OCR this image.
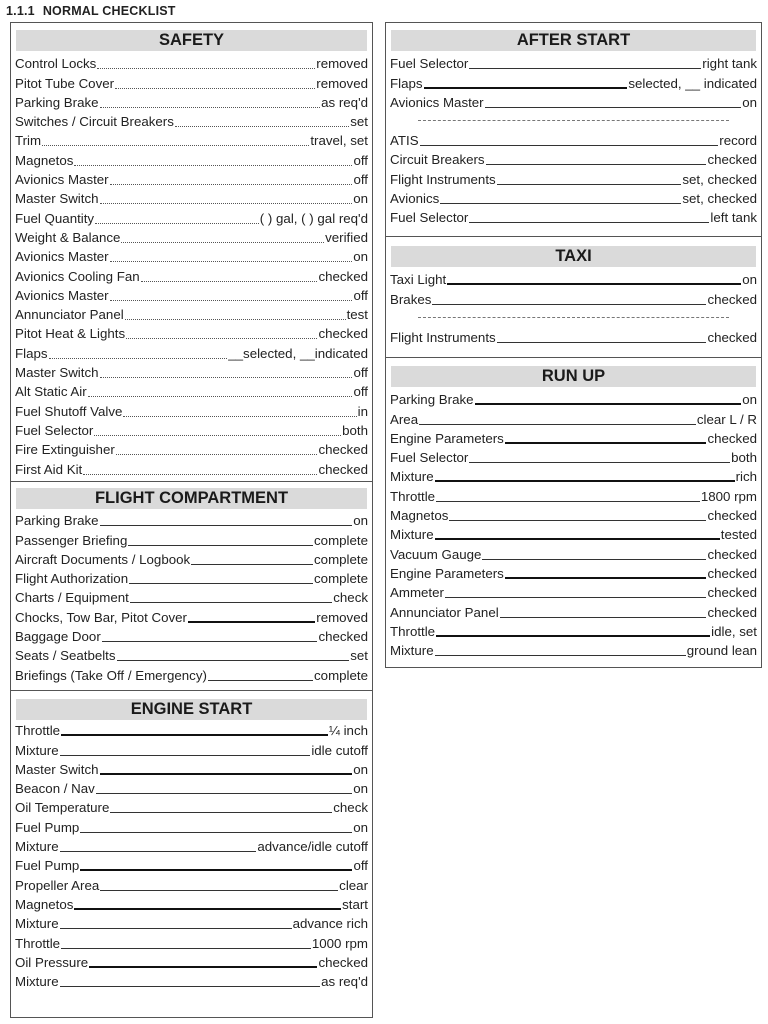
1.1.1 NORMAL CHECKLIST
SAFETY
Control Locks	removed
Pitot Tube Cover	removed
Parking Brake	as req'd
Switches / Circuit Breakers	set
Trim	travel, set
Magnetos	off
Avionics Master	off
Master Switch	on
Fuel Quantity	( ) gal, ( ) gal req'd
Weight & Balance	verified
Avionics Master	on
Avionics Cooling Fan	checked
Avionics Master	off
Annunciator Panel	test
Pitot Heat & Lights	checked
Flaps	__selected, __indicated
Master Switch	off
Alt Static Air	off
Fuel Shutoff Valve	in
Fuel Selector	both
Fire Extinguisher	checked
First Aid Kit	checked
FLIGHT COMPARTMENT
Parking Brake	on
Passenger Briefing	complete
Aircraft Documents / Logbook	complete
Flight Authorization	complete
Charts / Equipment	check
Chocks, Tow Bar, Pitot Cover	removed
Baggage Door	checked
Seats / Seatbelts	set
Briefings (Take Off / Emergency)	complete
ENGINE START
Throttle	¼ inch
Mixture	idle cutoff
Master Switch	on
Beacon / Nav	on
Oil Temperature	check
Fuel Pump	on
Mixture	advance/idle cutoff
Fuel Pump	off
Propeller Area	clear
Magnetos	start
Mixture	advance rich
Throttle	1000 rpm
Oil Pressure	checked
Mixture	as req'd
AFTER START
Fuel Selector	right tank
Flaps	selected, __ indicated
Avionics Master	on
ATIS	record
Circuit Breakers	checked
Flight Instruments	set, checked
Avionics	set, checked
Fuel Selector	left tank
TAXI
Taxi Light	on
Brakes	checked
Flight Instruments	checked
RUN UP
Parking Brake	on
Area	clear L / R
Engine Parameters	checked
Fuel Selector	both
Mixture	rich
Throttle	1800 rpm
Magnetos	checked
Mixture	tested
Vacuum Gauge	checked
Engine Parameters	checked
Ammeter	checked
Annunciator Panel	checked
Throttle	idle, set
Mixture	ground lean
